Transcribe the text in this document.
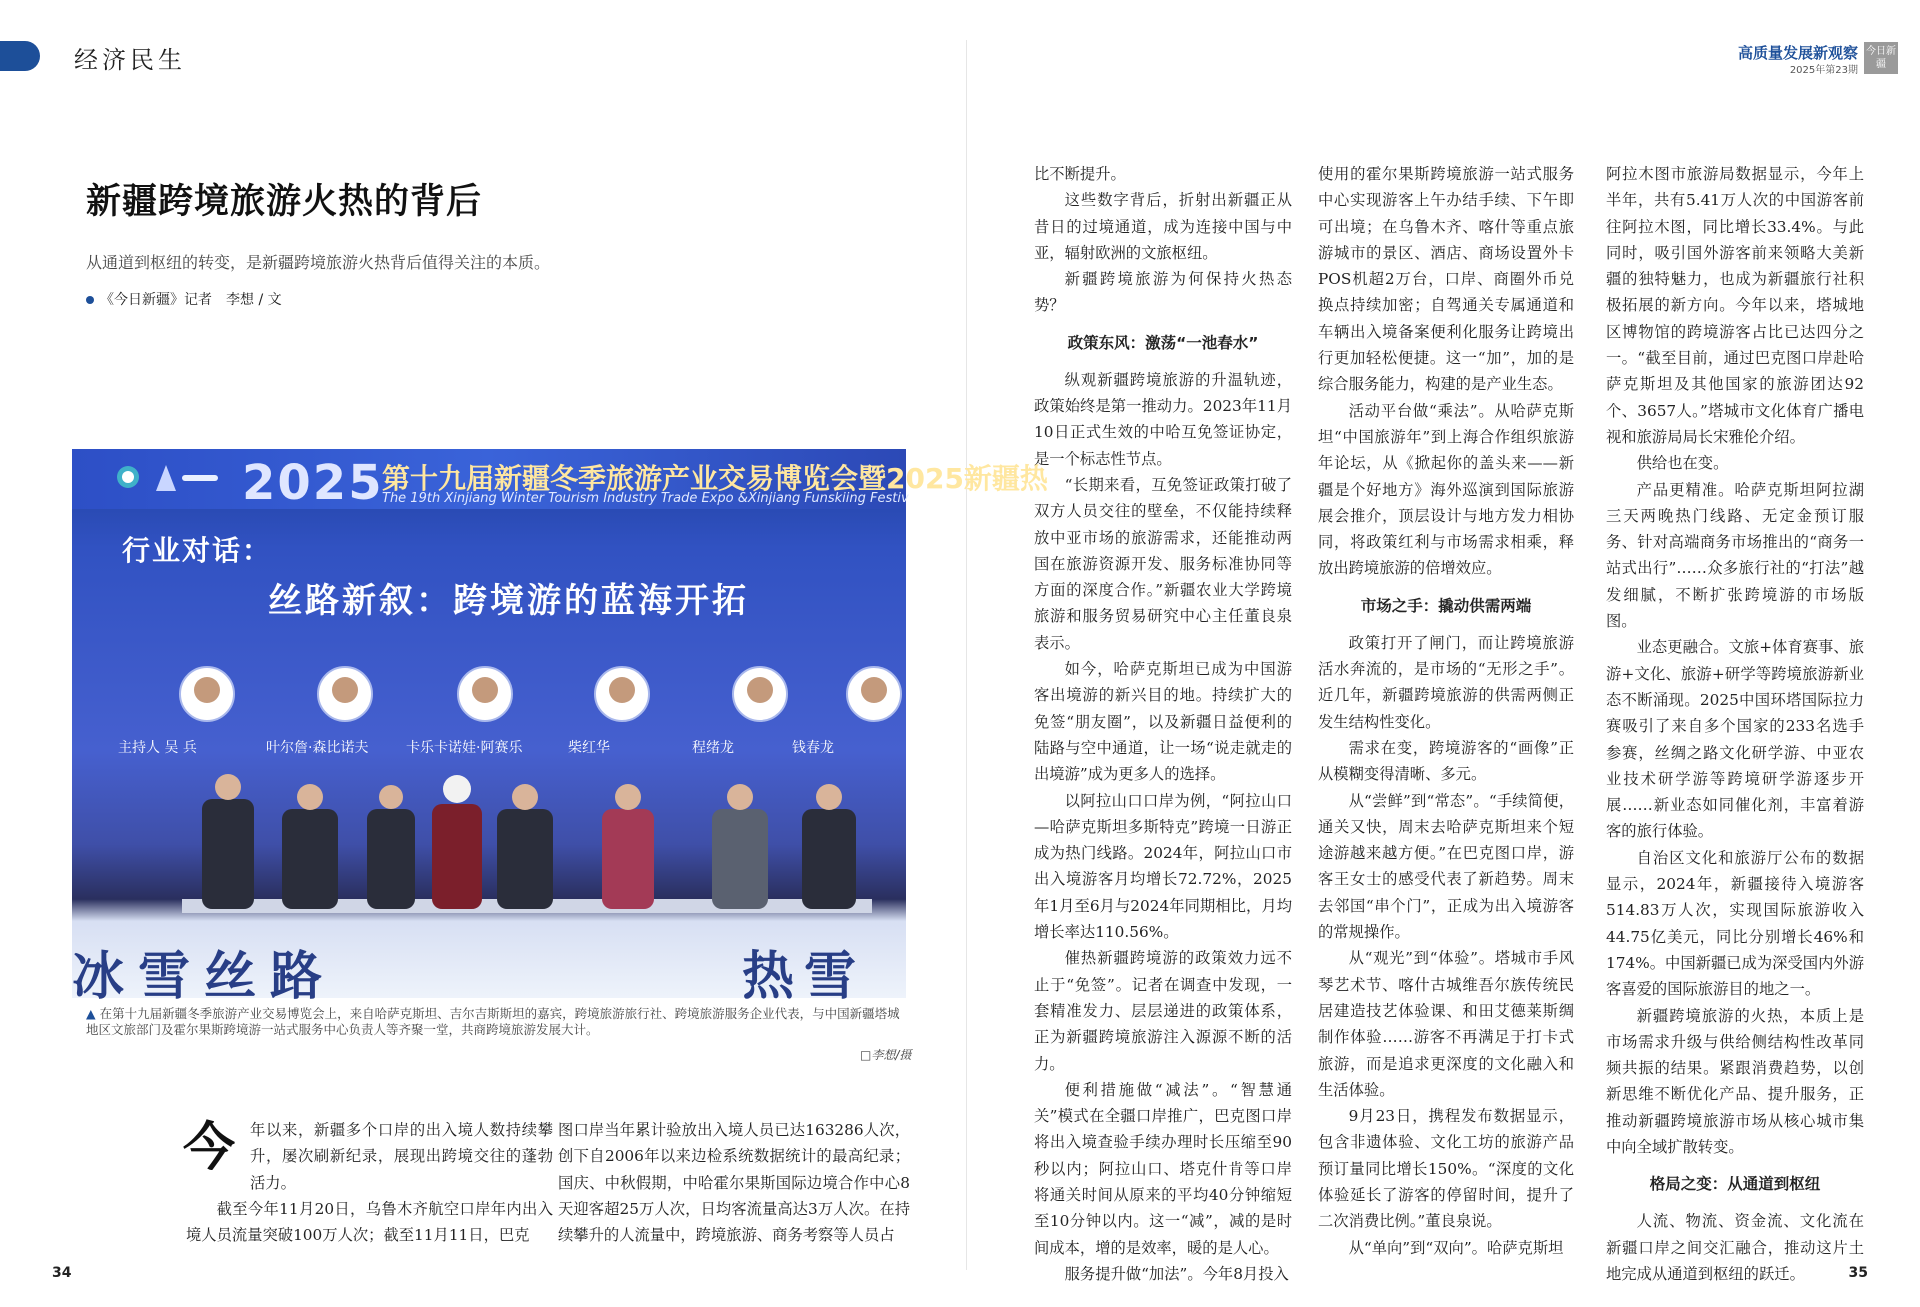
经济民生	高质量发展新观察
2025年第23期
今日新疆
新疆跨境旅游火热的背后
从通道到枢纽的转变，是新疆跨境旅游火热背后值得关注的本质。
《今日新疆》记者　李想 / 文
2025
第十九届新疆冬季旅游产业交易博览会暨2025新疆热
The 19th Xinjiang Winter Tourism Industry Trade Expo &Xinjiang Funskiing Festiv
行业对话：
丝路新叙：跨境游的蓝海开拓
主持人 吴 兵	叶尔詹·森比诺夫	卡乐卡诺娃·阿赛乐	柴红华	程绪龙	钱春龙
冰雪丝路	热雪
▲ 在第十九届新疆冬季旅游产业交易博览会上，来自哈萨克斯坦、吉尔吉斯斯坦的嘉宾，跨境旅游旅行社、跨境旅游服务企业代表，与中国新疆塔城地区文旅部门及霍尔果斯跨境游一站式服务中心负责人等齐聚一堂，共商跨境旅游发展大计。
□李想/摄
今 年以来，新疆多个口岸的出入境人数持续攀升，屡次刷新纪录，展现出跨境交往的蓬勃活力。

截至今年11月20日，乌鲁木齐航空口岸年内出入境人员流量突破100万人次；截至11月11日，巴克

图口岸当年累计验放出入境人员已达163286人次，创下自2006年以来边检系统数据统计的最高纪录；国庆、中秋假期，中哈霍尔果斯国际边境合作中心8天迎客超25万人次，日均客流量高达3万人次。在持续攀升的人流量中，跨境旅游、商务考察等人员占

比不断提升。

这些数字背后，折射出新疆正从昔日的过境通道，成为连接中国与中亚，辐射欧洲的文旅枢纽。

新疆跨境旅游为何保持火热态势？

政策东风：激荡“一池春水”

纵观新疆跨境旅游的升温轨迹，政策始终是第一推动力。2023年11月10日正式生效的中哈互免签证协定，是一个标志性节点。

“长期来看，互免签证政策打破了双方人员交往的壁垒，不仅能持续释放中亚市场的旅游需求，还能推动两国在旅游资源开发、服务标准协同等方面的深度合作。”新疆农业大学跨境旅游和服务贸易研究中心主任董良泉表示。

如今，哈萨克斯坦已成为中国游客出境游的新兴目的地。持续扩大的免签“朋友圈”，以及新疆日益便利的陆路与空中通道，让一场“说走就走的出境游”成为更多人的选择。

以阿拉山口口岸为例，“阿拉山口—哈萨克斯坦多斯特克”跨境一日游正成为热门线路。2024年，阿拉山口市出入境游客月均增长72.72%，2025年1月至6月与2024年同期相比，月均增长率达110.56%。

催热新疆跨境游的政策效力远不止于“免签”。记者在调查中发现，一套精准发力、层层递进的政策体系，正为新疆跨境旅游注入源源不断的活力。

便利措施做“减法”。“智慧通关”模式在全疆口岸推广，巴克图口岸将出入境查验手续办理时长压缩至90秒以内；阿拉山口、塔克什肯等口岸将通关时间从原来的平均40分钟缩短至10分钟以内。这一“减”，减的是时间成本，增的是效率，暖的是人心。

服务提升做“加法”。今年8月投入

使用的霍尔果斯跨境旅游一站式服务中心实现游客上午办结手续、下午即可出境；在乌鲁木齐、喀什等重点旅游城市的景区、酒店、商场设置外卡POS机超2万台，口岸、商圈外币兑换点持续加密；自驾通关专属通道和车辆出入境备案便利化服务让跨境出行更加轻松便捷。这一“加”，加的是综合服务能力，构建的是产业生态。

活动平台做“乘法”。从哈萨克斯坦“中国旅游年”到上海合作组织旅游年论坛，从《掀起你的盖头来——新疆是个好地方》海外巡演到国际旅游展会推介，顶层设计与地方发力相协同，将政策红利与市场需求相乘，释放出跨境旅游的倍增效应。

市场之手：撬动供需两端

政策打开了闸门，而让跨境旅游活水奔流的，是市场的“无形之手”。近几年，新疆跨境旅游的供需两侧正发生结构性变化。

需求在变，跨境游客的“画像”正从模糊变得清晰、多元。

从“尝鲜”到“常态”。“手续简便，通关又快，周末去哈萨克斯坦来个短途游越来越方便。”在巴克图口岸，游客王女士的感受代表了新趋势。周末去邻国“串个门”，正成为出入境游客的常规操作。

从“观光”到“体验”。塔城市手风琴艺术节、喀什古城维吾尔族传统民居建造技艺体验课、和田艾德莱斯绸制作体验……游客不再满足于打卡式旅游，而是追求更深度的文化融入和生活体验。

9月23日，携程发布数据显示，包含非遗体验、文化工坊的旅游产品预订量同比增长150%。“深度的文化体验延长了游客的停留时间，提升了二次消费比例。”董良泉说。

从“单向”到“双向”。哈萨克斯坦

阿拉木图市旅游局数据显示，今年上半年，共有5.41万人次的中国游客前往阿拉木图，同比增长33.4%。与此同时，吸引国外游客前来领略大美新疆的独特魅力，也成为新疆旅行社积极拓展的新方向。今年以来，塔城地区博物馆的跨境游客占比已达四分之一。“截至目前，通过巴克图口岸赴哈萨克斯坦及其他国家的旅游团达92个、3657人。”塔城市文化体育广播电视和旅游局局长宋雅伦介绍。

供给也在变。

产品更精准。哈萨克斯坦阿拉湖三天两晚热门线路、无定金预订服务、针对高端商务市场推出的“商务一站式出行”……众多旅行社的“打法”越发细腻，不断扩张跨境游的市场版图。

业态更融合。文旅+体育赛事、旅游+文化、旅游+研学等跨境旅游新业态不断涌现。2025中国环塔国际拉力赛吸引了来自多个国家的233名选手参赛，丝绸之路文化研学游、中亚农业技术研学游等跨境研学游逐步开展……新业态如同催化剂，丰富着游客的旅行体验。

自治区文化和旅游厅公布的数据显示，2024年，新疆接待入境游客514.83万人次，实现国际旅游收入44.75亿美元，同比分别增长46%和174%。中国新疆已成为深受国内外游客喜爱的国际旅游目的地之一。

新疆跨境旅游的火热，本质上是市场需求升级与供给侧结构性改革同频共振的结果。紧跟消费趋势，以创新思维不断优化产品、提升服务，正推动新疆跨境旅游市场从核心城市集中向全域扩散转变。

格局之变：从通道到枢纽

人流、物流、资金流、文化流在新疆口岸之间交汇融合，推动这片土地完成从通道到枢纽的跃迁。

34	35
